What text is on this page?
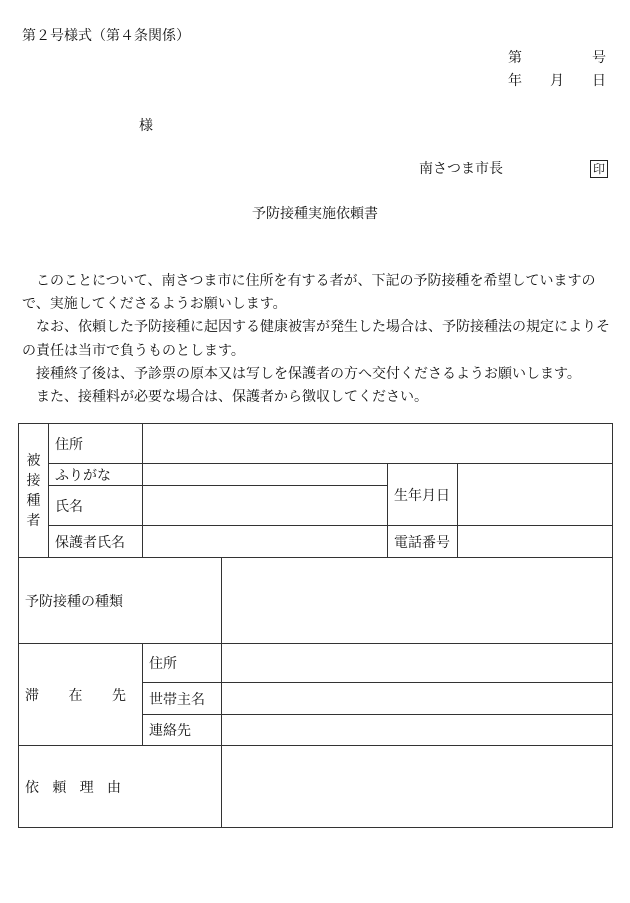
第２号様式（第４条関係）
第	号
年 月 日
様
南さつま市長	印
予防接種実施依頼書

このことについて、南さつま市に住所を有する者が、下記の予防接種を希望していますので、実施してくださるようお願いします。

なお、依頼した予防接種に起因する健康被害が発生した場合は、予防接種法の規定によりその責任は当市で負うものとします。

接種終了後は、予診票の原本又は写しを保護者の方へ交付くださるようお願いします。

また、接種料が必要な場合は、保護者から徴収してください。

被
接
種
者	住所				
	ふりがな			生年月日	
	氏名				
	保護者氏名			電話番号	
予防接種の種類					

滞 在 先		住所			
		世帯主名			
		連絡先			

依 頼 理 由					
